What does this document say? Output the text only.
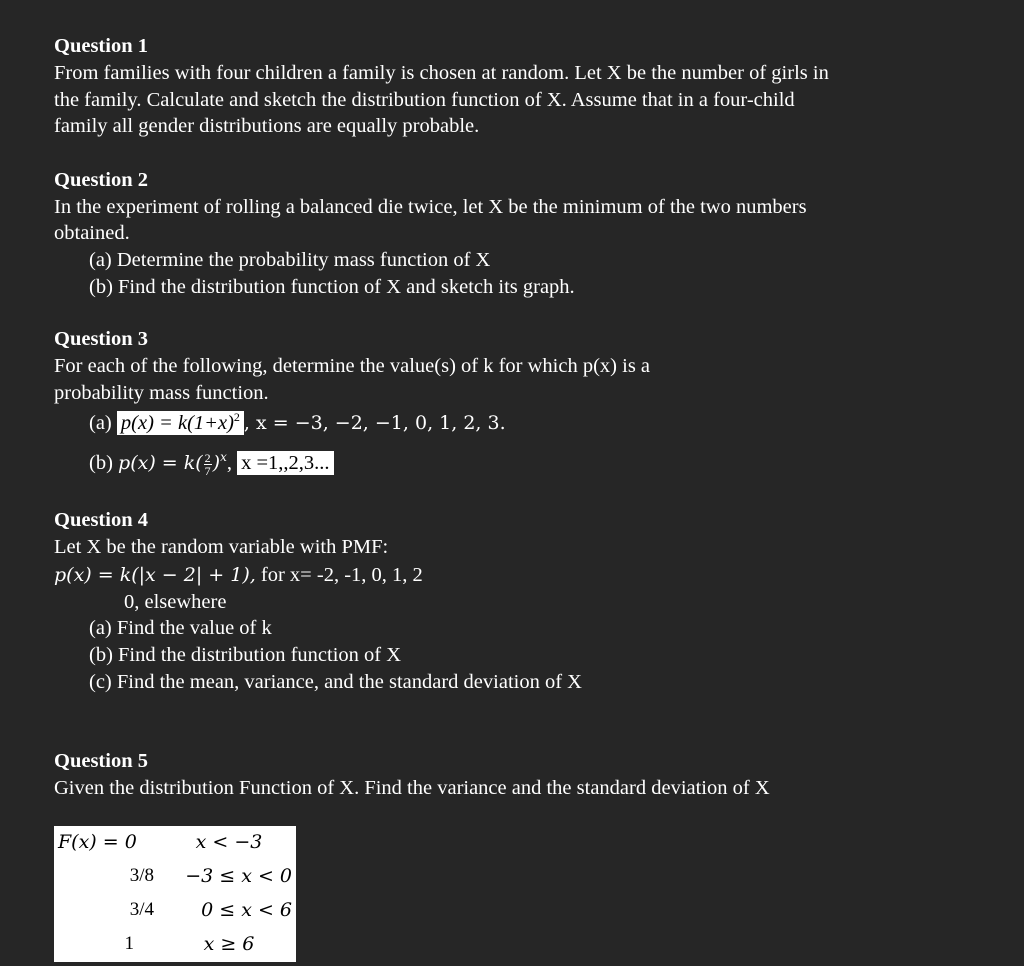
Question 1
From families with four children a family is chosen at random. Let X be the number of girls in
the family. Calculate and sketch the distribution function of X. Assume that in a four-child
family all gender distributions are equally probable.
Question 2
In the experiment of rolling a balanced die twice, let X be the minimum of the two numbers
obtained.
(a) Determine the probability mass function of X
(b) Find the distribution function of X and sketch its graph.
Question 3
For each of the following, determine the value(s) of k for which p(x) is a
probability mass function.
(a) $p(x) = k(1+x)^2$ , x = −3, −2, −1, 0, 1, 2, 3.
(b) $p(x) = k( \frac{2}{7} )^x$, x =1,,2,3...
Question 4
Let X be the random variable with PMF:
p(x) = k(|x − 2| + 1), for x= -2, -1, 0, 1, 2
0, elsewhere
(a) Find the value of k
(b) Find the distribution function of X
(c) Find the mean, variance, and the standard deviation of X
Question 5
Given the distribution Function of X. Find the variance and the standard deviation of X
F(x) = 0	x < −3
3/8 −3 ≤ x < 0
3/4	0 ≤ x < 6
1	x ≥ 6
